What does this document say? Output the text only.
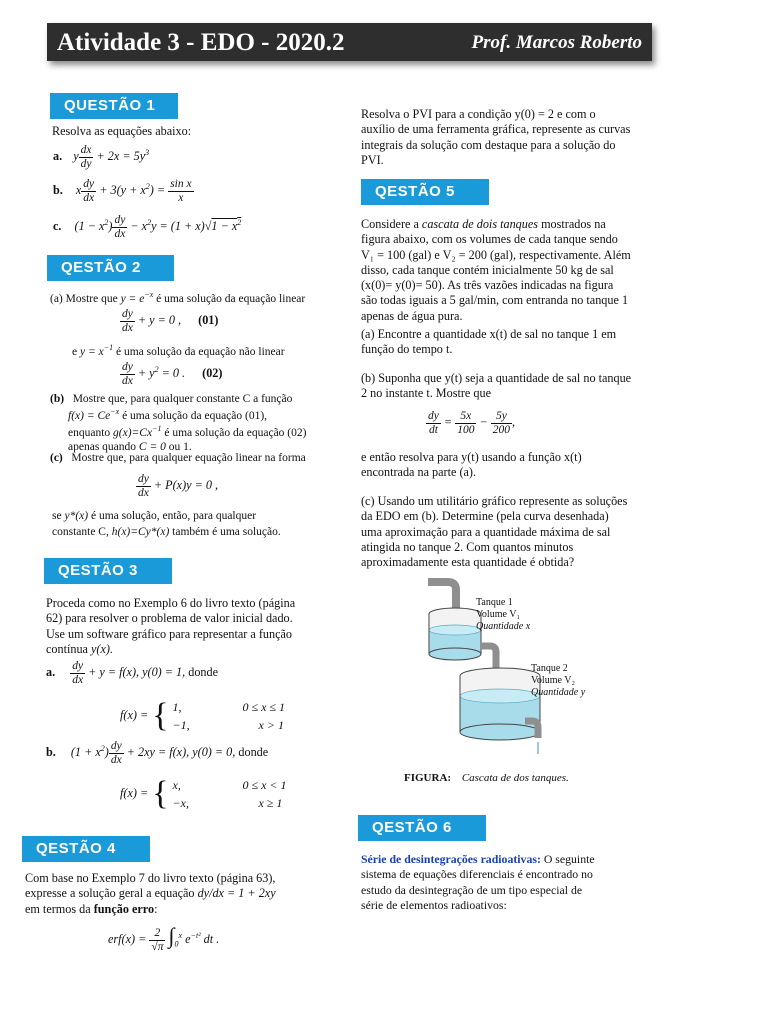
Atividade 3 - EDO - 2020.2	Prof. Marcos Roberto
QUESTÃO 1
Resolva as equações abaixo:
a. y $\frac{dx}{dy} + 2x = 5y^3$
b. x $\frac{dy}{dx} + 3(y + x^2) = \frac{\text{sin x}}{x}$
c. $(1 - x^2) \frac{dy}{dx} - x^2y = (1 + x)√1 - x^2$
QESTÃO 2
(a) Mostre que $y = e^{-x}$ é uma solução da equação linear
$\frac{dy}{dx} + y = 0$ , (01)
e $y = x^{-1}$ é uma solução da equação não linear
$\frac{dy}{dx} + y^2 = 0$ . (02)
(b) Mostre que, para qualquer constante C a função
$f(x) = Ce^{-x}$ é uma solução da equação (01),
enquanto $g(x)=Cx^{-1}$ é uma solução da equação (02)
apenas quando C = 0 ou 1.
(c) Mostre que, para qualquer equação linear na forma
$\frac{dy}{dx} + P(x)y = 0$ ,
se y*(x) é uma solução, então, para qualquer
constante C, h(x)=Cy*(x) também é uma solução.
QESTÃO 3
Proceda como no Exemplo 6 do livro texto (página
62) para resolver o problema de valor inicial dado.
Use um software gráfico para representar a função
contínua y(x).
a. $\frac{dy}{dx} + y = f(x)$, y(0) = 1, donde
f(x) = { 1,	0 ≤ x ≤ 1
−1,	x > 1
b. $(1 + x^2) \frac{dy}{dx} + 2xy = f(x)$, y(0) = 0, donde
f(x) = { x,	0 ≤ x < 1
−x,	x ≥ 1
QESTÃO 4
Com base no Exemplo 7 do livro texto (página 63),
expresse a solução geral a equação dy/dx = 1 + 2xy
em termos da função erro:
$erf(x) = \frac{2}{√\pi} \int_0^x$ $e^{-t^2}$ dt .
Resolva o PVI para a condição y(0) = 2 e com o
auxílio de uma ferramenta gráfica, represente as curvas
integrais da solução com destaque para a solução do
PVI.
QESTÃO 5
Considere a cascata de dois tanques mostrados na
figura abaixo, com os volumes de cada tanque sendo
V₁ = 100 (gal) e V₂ = 200 (gal), respectivamente. Além
disso, cada tanque contém inicialmente 50 kg de sal
(x(0)= y(0)= 50). As três vazões indicadas na figura
são todas iguais a 5 gal/min, com entranda no tanque 1
apenas de água pura.
(a) Encontre a quantidade x(t) de sal no tanque 1 em
função do tempo t.
(b) Suponha que y(t) seja a quantidade de sal no tanque
2 no instante t. Mostre que
$\frac{dy}{dt} = \frac{5x}{100} - \frac{5y}{200}$ ,
e então resolva para y(t) usando a função x(t)
encontrada na parte (a).
(c) Usando um utilitário gráfico represente as soluções
da EDO em (b). Determine (pela curva desenhada)
uma aproximação para a quantidade máxima de sal
atingida no tanque 2. Com quantos minutos
aproximadamente esta quantidade é obtida?
Tanque 1
Volume V₁
Quantidade x
Tanque 2
Volume V₂
Quantidade y
FIGURA: Cascata de dos tanques.
QESTÃO 6
Série de desintegrações radioativas: O seguinte
sistema de equações diferenciais é encontrado no
estudo da desintegração de um tipo especial de
série de elementos radioativos:
